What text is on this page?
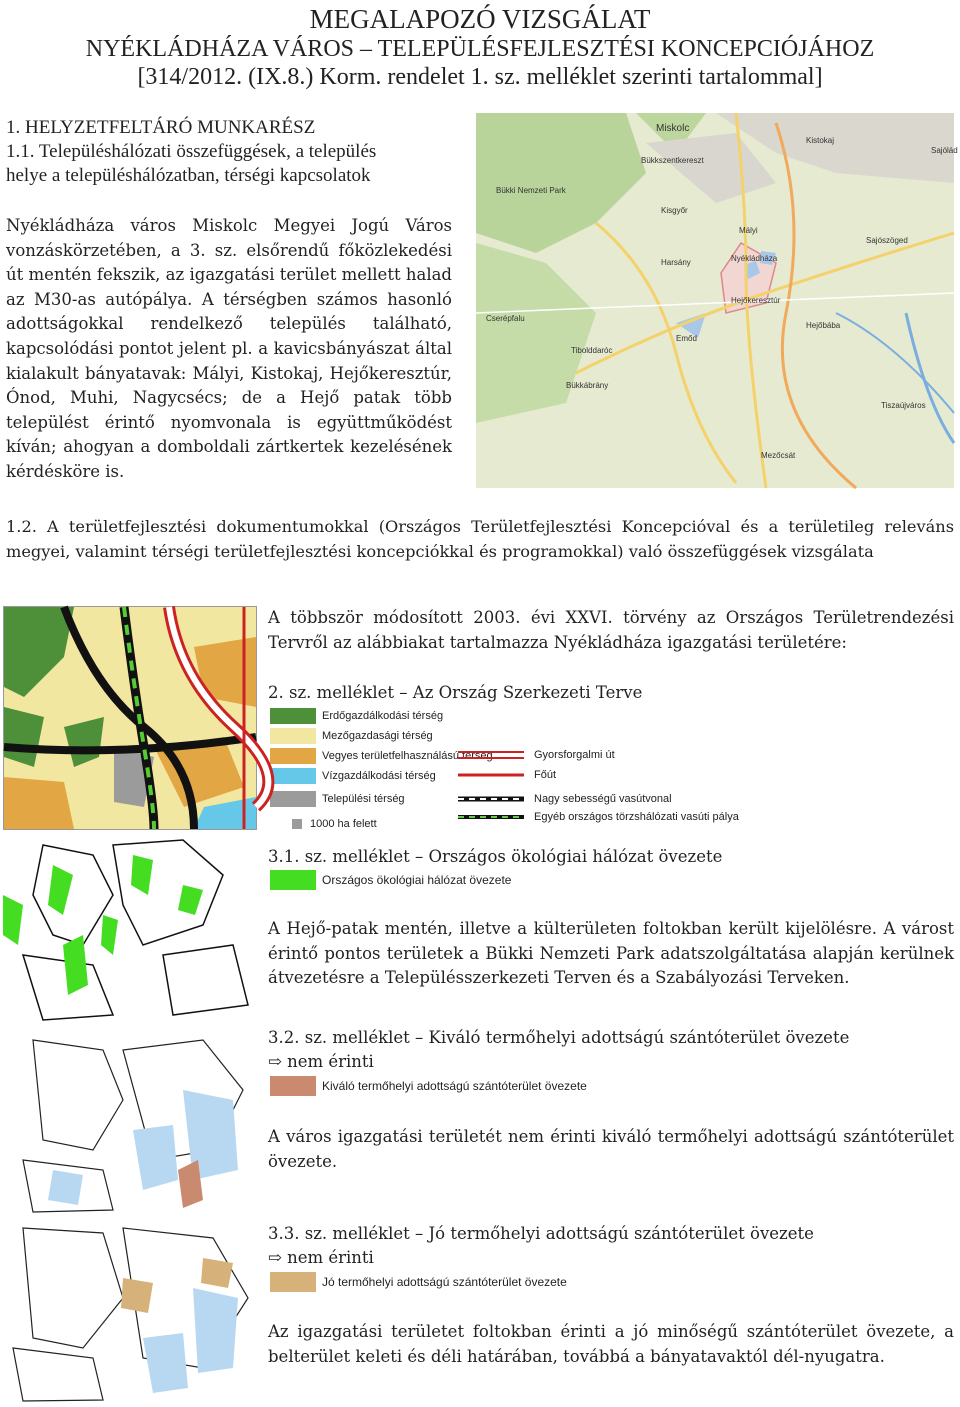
MEGALAPOZÓ VIZSGÁLAT
NYÉKLÁDHÁZA VÁROS – TELEPÜLÉSFEJLESZTÉSI KONCEPCIÓJÁHOZ
[314/2012. (IX.8.) Korm. rendelet 1. sz. melléklet szerinti tartalommal]
1. HELYZETFELTÁRÓ MUNKARÉSZ
1.1. Településhálózati összefüggések, a település
helye a településhálózatban, térségi kapcsolatok
Nyékládháza város Miskolc Megyei Jogú Város vonzáskörzetében, a 3. sz. elsőrendű főközlekedési út mentén fekszik, az igazgatási terület mellett halad az M30-as autópálya. A térségben számos hasonló adottságokkal rendelkező település található, kapcsolódási pontot jelent pl. a kavicsbányászat által kialakult bányatavak: Mályi, Kistokaj, Hejőkeresztúr, Ónod, Muhi, Nagycsécs; de a Hejő patak több települést érintő nyomvonala is együttműködést kíván; ahogyan a domboldali zártkertek kezelésének kérdésköre is.
Miskolc
Bükkszentkereszt
Bükki Nemzeti Park
Kistokaj
Mályi
Sajólád
Kisgyőr
Nyékládháza
Hejőkeresztúr
Harsány
Sajószöged
Cserépfalu
Tibolddaróc
Emőd
Bükkábrány
Tiszaújváros
Mezőcsát
Hejőbába
1.2. A területfejlesztési dokumentumokkal (Országos Területfejlesztési Koncepcióval és a területileg releváns megyei, valamint térségi területfejlesztési koncepciókkal és programokkal) való összefüggések vizsgálata
A többször módosított 2003. évi XXVI. törvény az Országos Területrendezési Tervről az alábbiakat tartalmazza Nyékládháza igazgatási területére:
2. sz. melléklet – Az Ország Szerkezeti Terve
Erdőgazdálkodási térség
Mezőgazdasági térség
Vegyes területfelhasználású térség
Vízgazdálkodási térség
Települési térség
1000 ha felett
Gyorsforgalmi út
Főút
Nagy sebességű vasútvonal
Egyéb országos törzshálózati vasúti pálya
3.1. sz. melléklet – Országos ökológiai hálózat övezete
Országos ökológiai hálózat övezete
A Hejő-patak mentén, illetve a külterületen foltokban került kijelölésre. A várost érintő pontos területek a Bükki Nemzeti Park adatszolgáltatása alapján kerülnek átvezetésre a Településszerkezeti Terven és a Szabályozási Terveken.
3.2. sz. melléklet – Kiváló termőhelyi adottságú szántóterület övezete
⇨ nem érinti
Kiváló termőhelyi adottságú szántóterület övezete
A város igazgatási területét nem érinti kiváló termőhelyi adottságú szántóterület övezete.
3.3. sz. melléklet – Jó termőhelyi adottságú szántóterület övezete
⇨ nem érinti
Jó termőhelyi adottságú szántóterület övezete
Az igazgatási területet foltokban érinti a jó minőségű szántóterület övezete, a belterület keleti és déli határában, továbbá a bányatavaktól dél-nyugatra.
